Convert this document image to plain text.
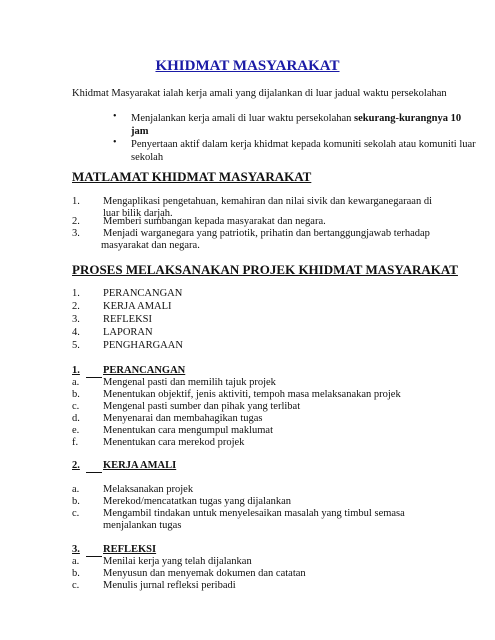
KHIDMAT MASYARAKAT
Khidmat Masyarakat ialah kerja amali yang dijalankan di luar jadual waktu persekolahan
• Menjalankan kerja amali di luar waktu persekolahan sekurang-kurangnya 10
jam
• Penyertaan aktif dalam kerja khidmat kepada komuniti sekolah atau komuniti luar
sekolah
MATLAMAT KHIDMAT MASYARAKAT
1. Mengaplikasi pengetahuan, kemahiran dan nilai sivik dan kewarganegaraan di
luar bilik darjah.
2. Memberi sumbangan kepada masyarakat dan negara.
3. Menjadi warganegara yang patriotik, prihatin dan bertanggungjawab terhadap
masyarakat dan negara.
PROSES MELAKSANAKAN PROJEK KHIDMAT MASYARAKAT
1. PERANCANGAN
2. KERJA AMALI
3. REFLEKSI
4. LAPORAN
5. PENGHARGAAN
1. PERANCANGAN
a. Mengenal pasti dan memilih tajuk projek
b. Menentukan objektif, jenis aktiviti, tempoh masa melaksanakan projek
c. Mengenal pasti sumber dan pihak yang terlibat
d. Menyenarai dan membahagikan tugas
e. Menentukan cara mengumpul maklumat
f. Menentukan cara merekod projek
2. KERJA AMALI
a. Melaksanakan projek
b. Merekod/mencatatkan tugas yang dijalankan
c. Mengambil tindakan untuk menyelesaikan masalah yang timbul semasa
menjalankan tugas
3. REFLEKSI
a. Menilai kerja yang telah dijalankan
b. Menyusun dan menyemak dokumen dan catatan
c. Menulis jurnal refleksi peribadi
